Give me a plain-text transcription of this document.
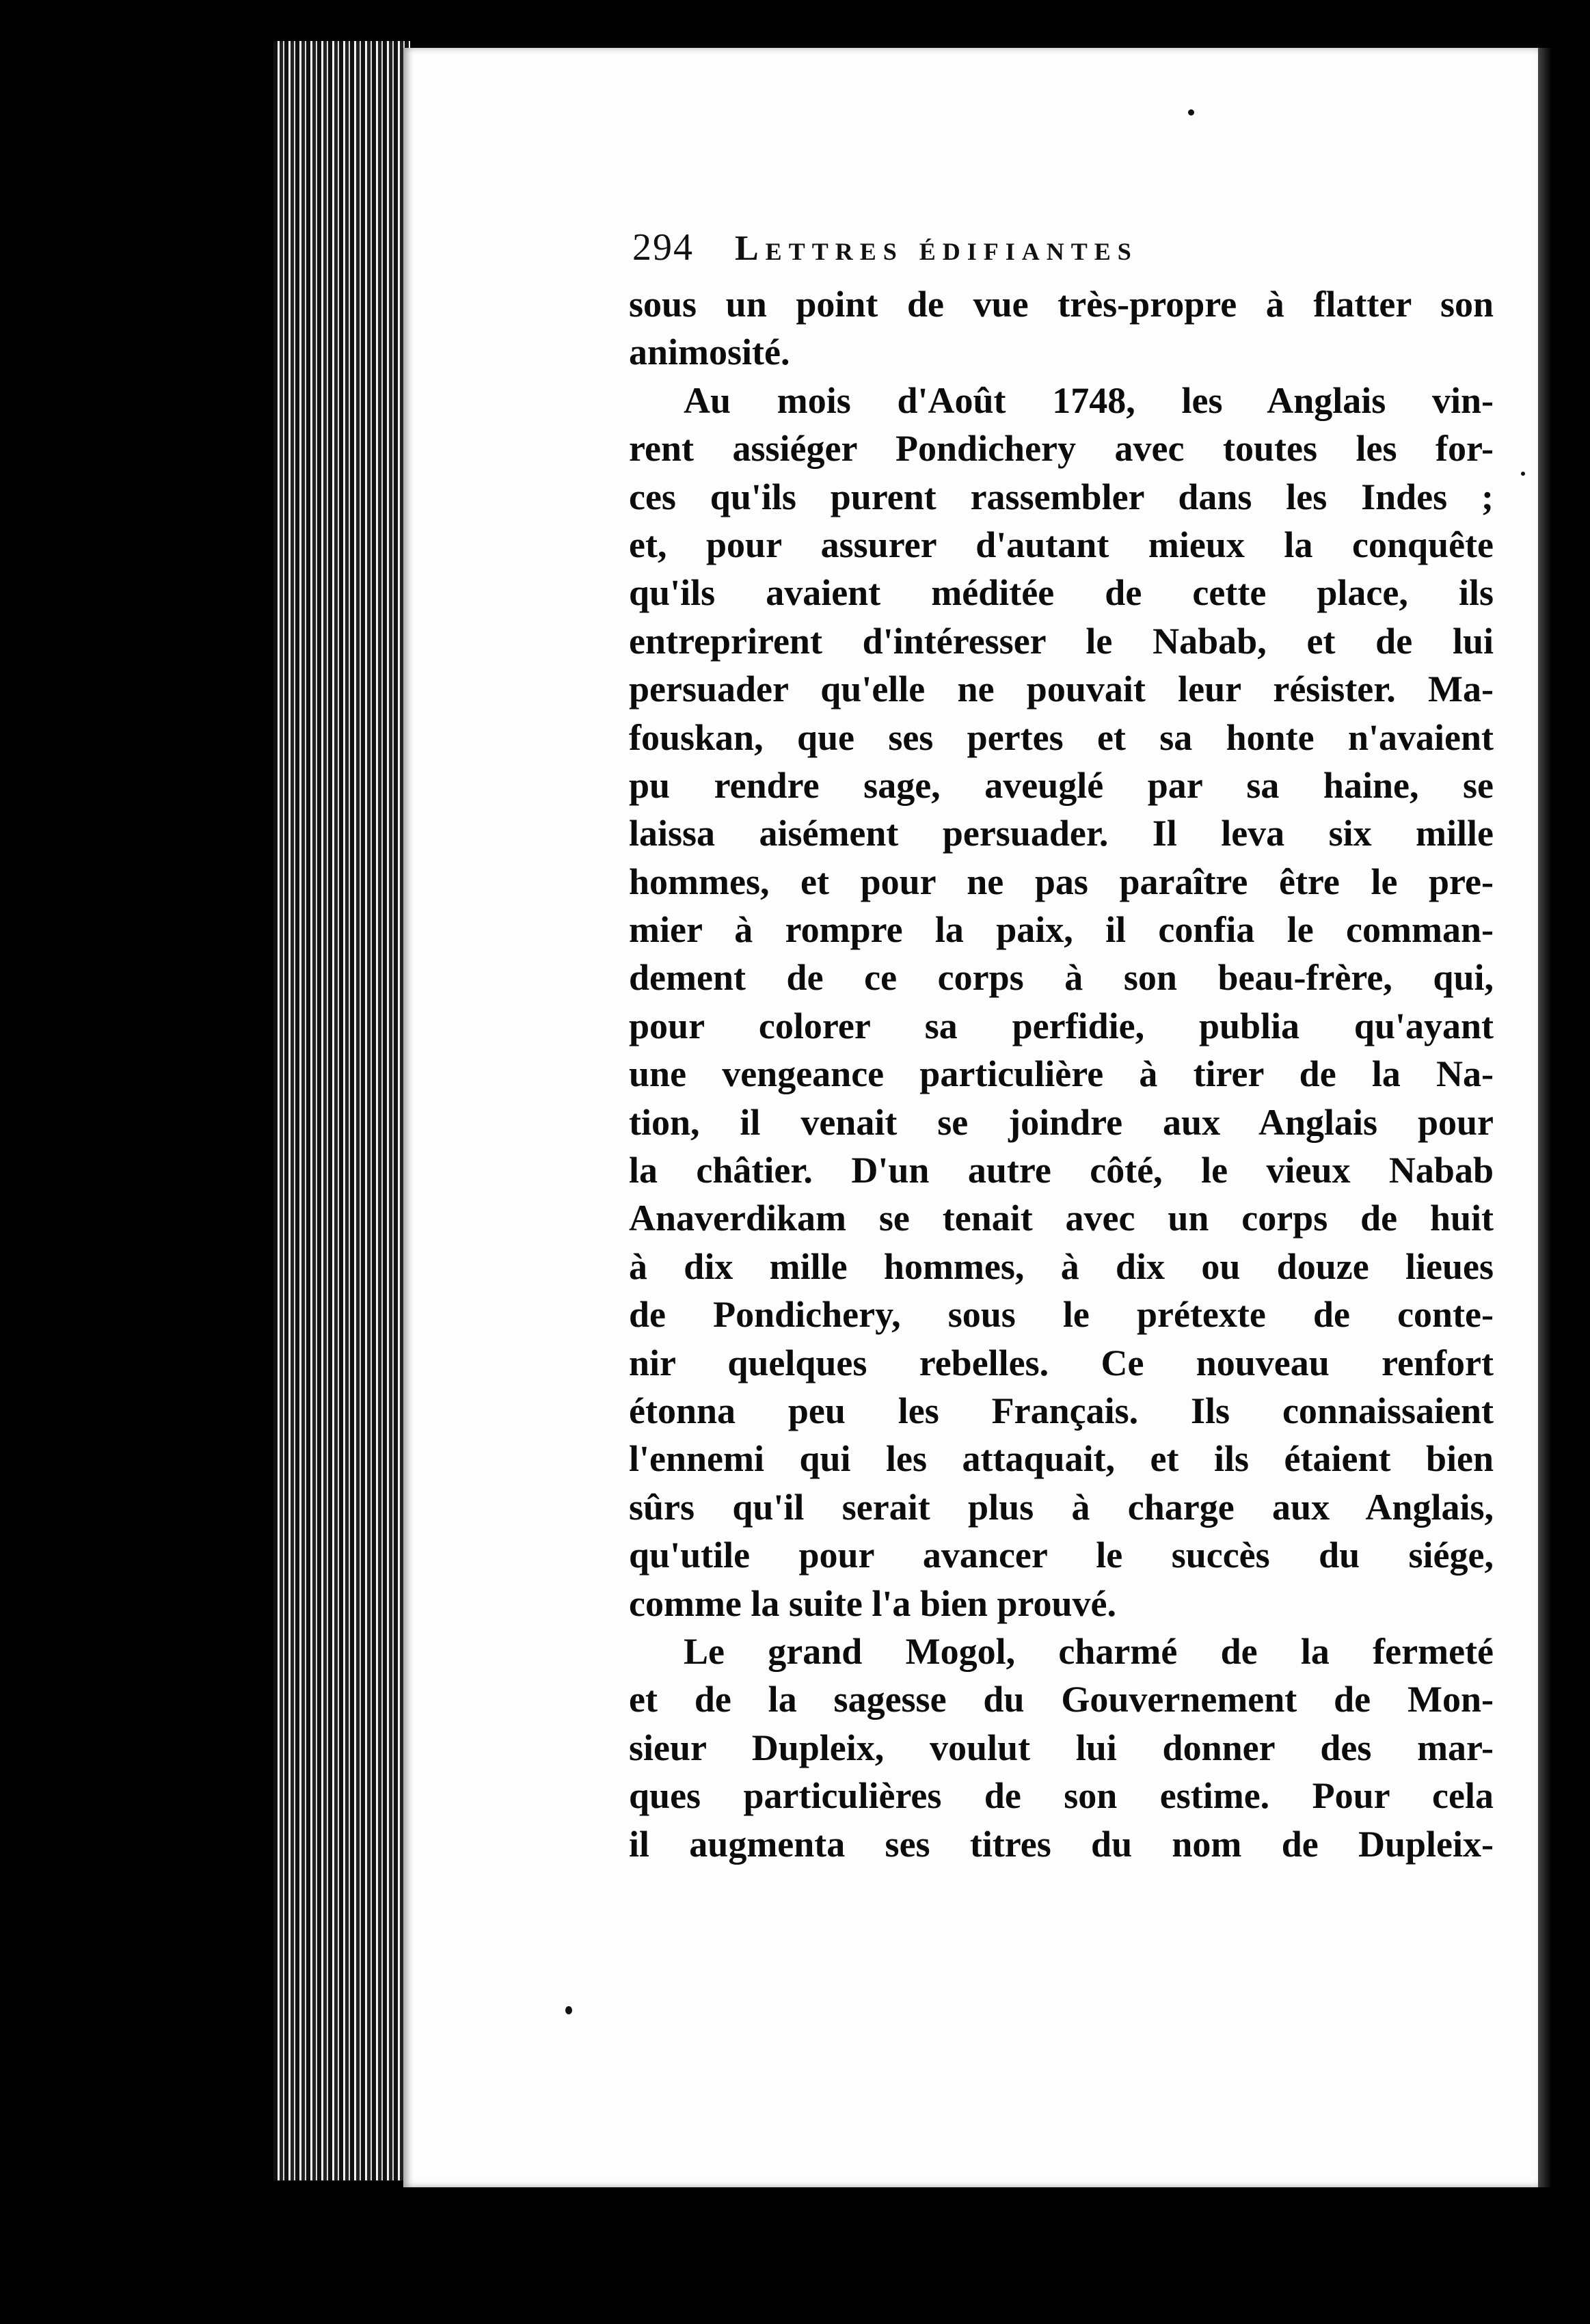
294 Lettres édifiantes
sous un point de vue très-propre à flatter son
animosité.
Au mois d'Août 1748, les Anglais vin-
rent assiéger Pondichery avec toutes les for-
ces qu'ils purent rassembler dans les Indes ;
et, pour assurer d'autant mieux la conquête
qu'ils avaient méditée de cette place, ils
entreprirent d'intéresser le Nabab, et de lui
persuader qu'elle ne pouvait leur résister. Ma-
fouskan, que ses pertes et sa honte n'avaient
pu rendre sage, aveuglé par sa haine, se
laissa aisément persuader. Il leva six mille
hommes, et pour ne pas paraître être le pre-
mier à rompre la paix, il confia le comman-
dement de ce corps à son beau-frère, qui,
pour colorer sa perfidie, publia qu'ayant
une vengeance particulière à tirer de la Na-
tion, il venait se joindre aux Anglais pour
la châtier. D'un autre côté, le vieux Nabab
Anaverdikam se tenait avec un corps de huit
à dix mille hommes, à dix ou douze lieues
de Pondichery, sous le prétexte de conte-
nir quelques rebelles. Ce nouveau renfort
étonna peu les Français. Ils connaissaient
l'ennemi qui les attaquait, et ils étaient bien
sûrs qu'il serait plus à charge aux Anglais,
qu'utile pour avancer le succès du siége,
comme la suite l'a bien prouvé.
Le grand Mogol, charmé de la fermeté
et de la sagesse du Gouvernement de Mon-
sieur Dupleix, voulut lui donner des mar-
ques particulières de son estime. Pour cela
il augmenta ses titres du nom de Dupleix-
